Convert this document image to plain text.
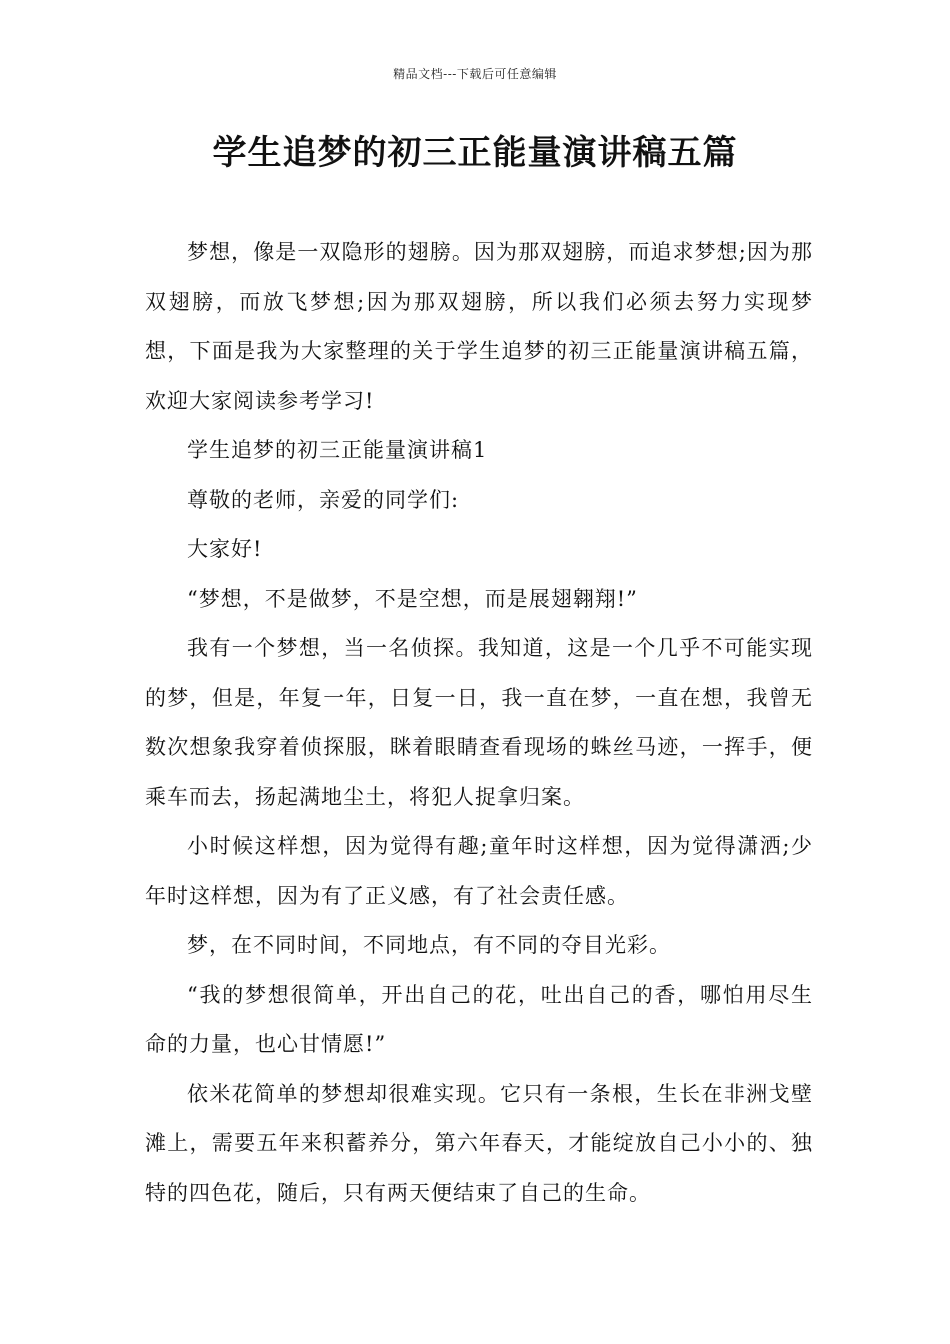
精品文档---下载后可任意编辑
学生追梦的初三正能量演讲稿五篇

梦想，像是一双隐形的翅膀。因为那双翅膀，而追求梦想;因为那双翅膀，而放飞梦想;因为那双翅膀，所以我们必须去努力实现梦想，下面是我为大家整理的关于学生追梦的初三正能量演讲稿五篇，欢迎大家阅读参考学习!

学生追梦的初三正能量演讲稿1

尊敬的老师，亲爱的同学们:

大家好!

“梦想，不是做梦，不是空想，而是展翅翱翔!”

我有一个梦想，当一名侦探。我知道，这是一个几乎不可能实现的梦，但是，年复一年，日复一日，我一直在梦，一直在想，我曾无数次想象我穿着侦探服，眯着眼睛查看现场的蛛丝马迹，一挥手，便乘车而去，扬起满地尘土，将犯人捉拿归案。

小时候这样想，因为觉得有趣;童年时这样想，因为觉得潇洒;少年时这样想，因为有了正义感，有了社会责任感。

梦，在不同时间，不同地点，有不同的夺目光彩。

“我的梦想很简单，开出自己的花，吐出自己的香，哪怕用尽生命的力量，也心甘情愿!”

依米花简单的梦想却很难实现。它只有一条根，生长在非洲戈壁滩上，需要五年来积蓄养分，第六年春天，才能绽放自己小小的、独特的四色花，随后，只有两天便结束了自己的生命。
